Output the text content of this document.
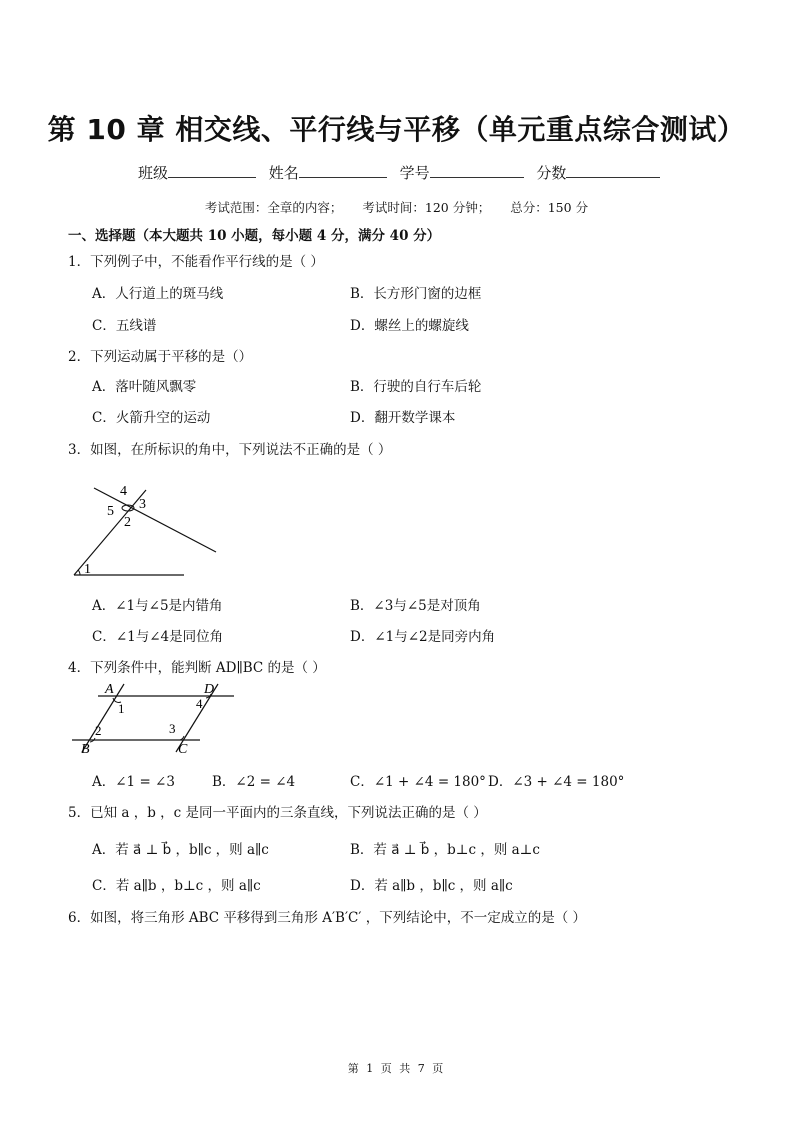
第 10 章 相交线、平行线与平移（单元重点综合测试）
班级	姓名	学号	分数
考试范围：全章的内容； 考试时间：120 分钟； 总分：150 分
一、选择题（本大题共 10 小题，每小题 4 分，满分 40 分）
1．下列例子中，不能看作平行线的是（ ）
A．人行道上的斑马线	B．长方形门窗的边框
C．五线谱	D．螺丝上的螺旋线
2．下列运动属于平移的是（）
A．落叶随风飘零	B．行驶的自行车后轮
C．火箭升空的运动	D．翻开数学课本
3．如图，在所标识的角中，下列说法不正确的是（ ）
4
5 3
2
1
A．∠1与∠5是内错角	B．∠3与∠5是对顶角
C．∠1与∠4是同位角	D．∠1与∠2是同旁内角
4．下列条件中，能判断 AD∥BC 的是（ ）
A	D
1	4
2	3
B	C
A．∠1 = ∠3	B．∠2 = ∠4	C．∠1 + ∠4 = 180° D．∠3 + ∠4 = 180°
5．已知 a ，b ，c 是同一平面内的三条直线，下列说法正确的是（ ）
A．若 a⃗ ⊥ b⃗ ，b∥c ，则 a∥c	B．若 a⃗ ⊥ b⃗ ，b⊥c ，则 a⊥c
C．若 a∥b ，b⊥c ，则 a∥c	D．若 a∥b ，b∥c ，则 a∥c
6．如图，将三角形 ABC 平移得到三角形 A′B′C′ ，下列结论中，不一定成立的是（ ）
第 1 页 共 7 页
